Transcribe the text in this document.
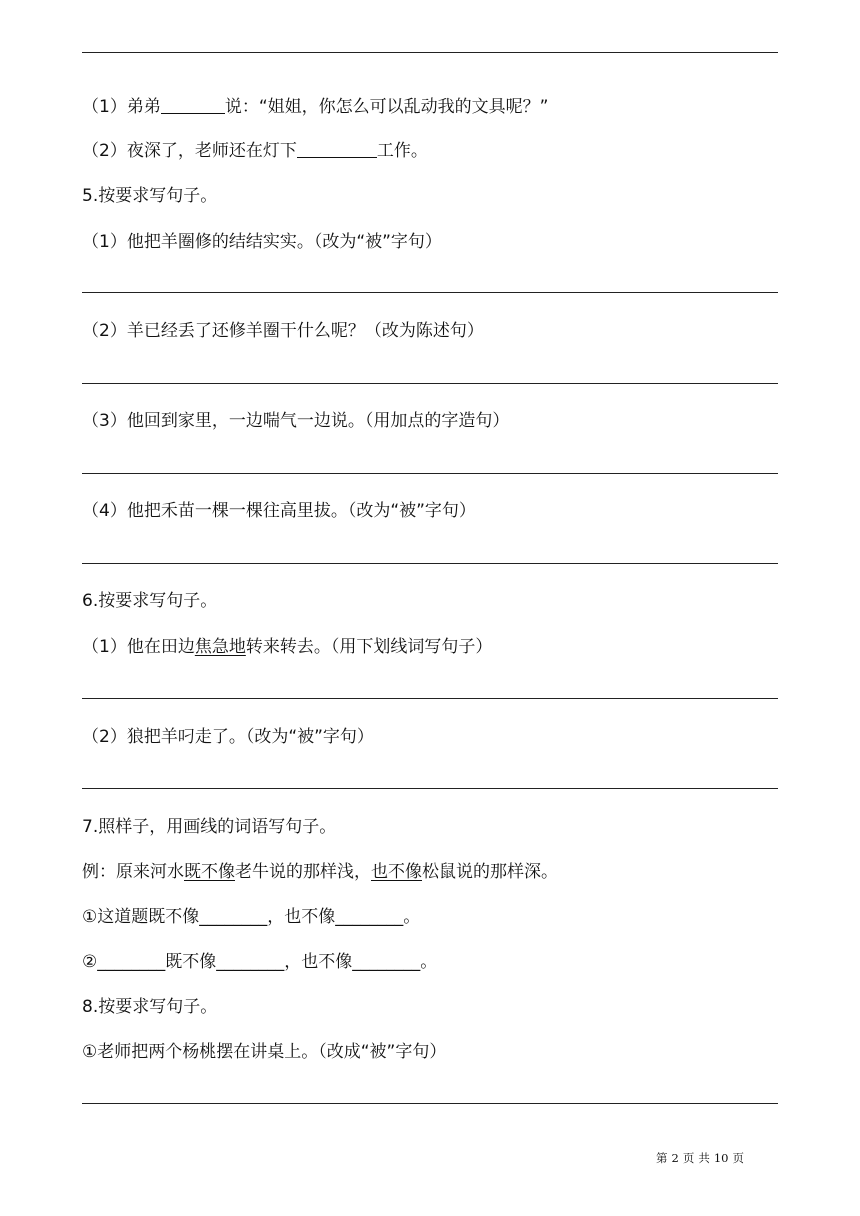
（1）弟弟	说：“姐姐，你怎么可以乱动我的文具呢？”
（2）夜深了，老师还在灯下	工作。
5.按要求写句子。
（1）他把羊圈修的结结实实。（改为“被”字句）
（2）羊已经丢了还修羊圈干什么呢？（改为陈述句）
（3）他回到家里，一边喘气一边说。（用加点的字造句）
（4）他把禾苗一棵一棵往高里拔。（改为“被”字句）
6.按要求写句子。
（1）他在田边焦急地转来转去。（用下划线词写句子）
（2）狼把羊叼走了。（改为“被”字句）
7.照样子，用画线的词语写句子。
例：原来河水既不像老牛说的那样浅，也不像松鼠说的那样深。
①这道题既不像________，也不像________。
②________既不像________，也不像________。
8.按要求写句子。
①老师把两个杨桃摆在讲桌上。（改成“被”字句）
第 2 页 共 10 页
